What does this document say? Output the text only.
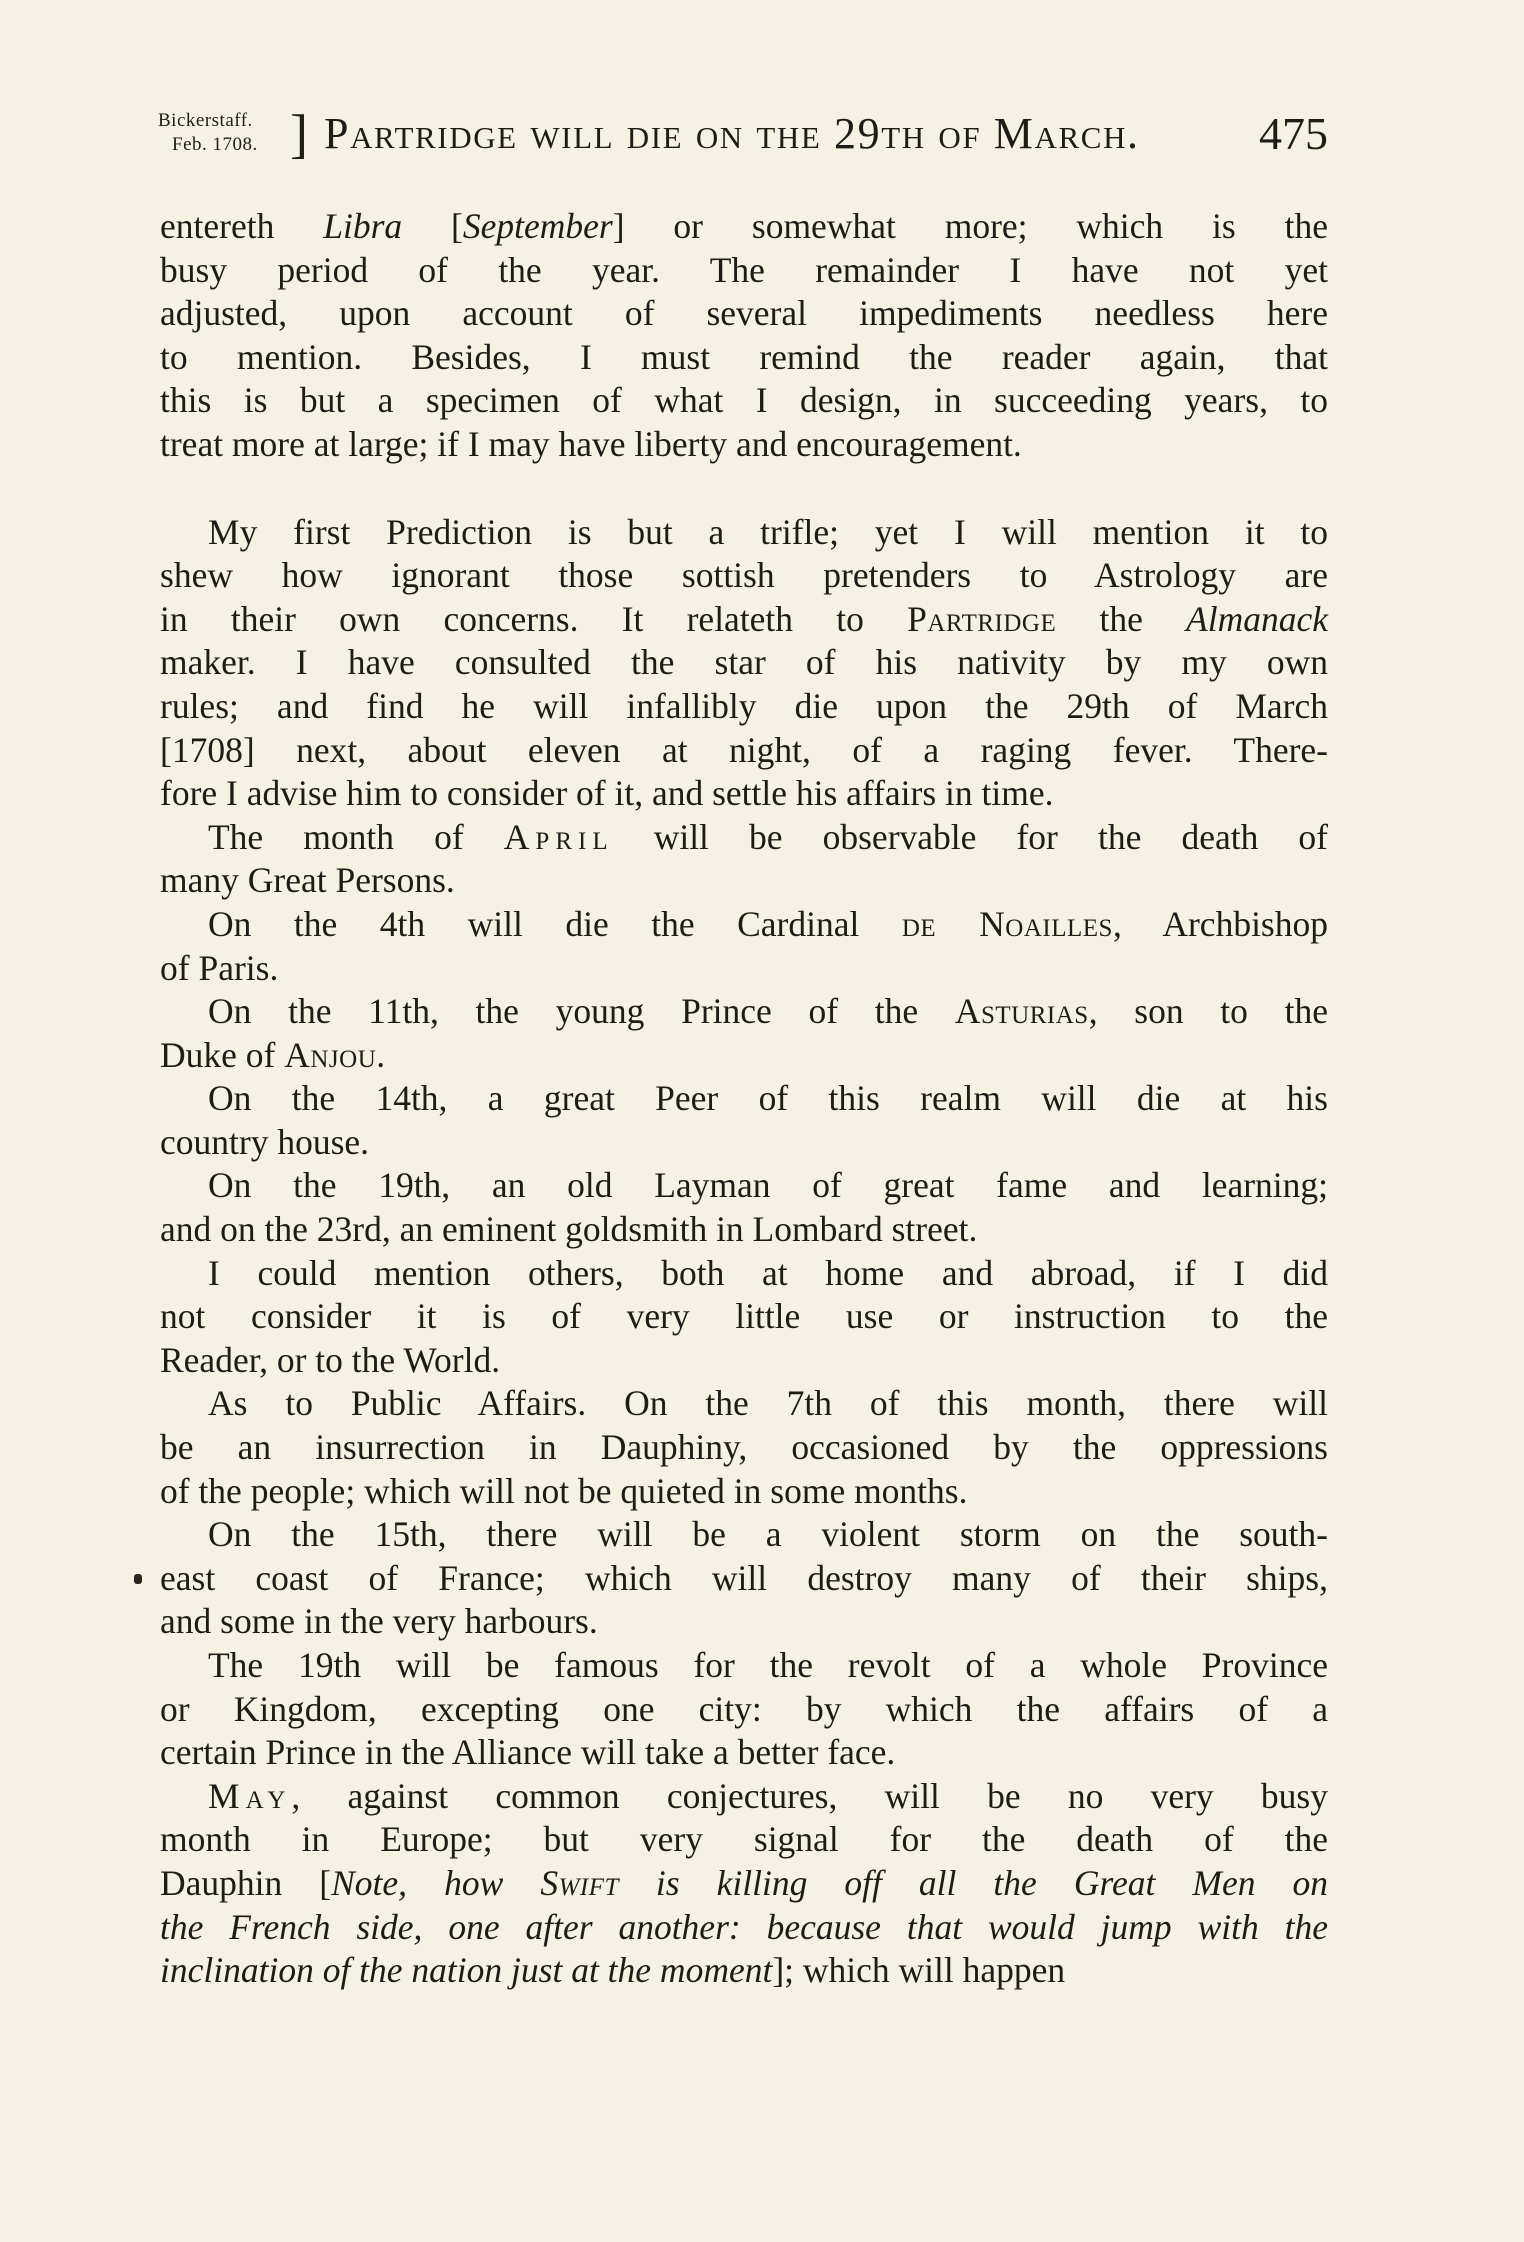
Bickerstaff.
Feb. 1708. ] Partridge will die on the 29th of March.	475

entereth Libra [September] or somewhat more; which is the
busy period of the year. The remainder I have not yet
adjusted, upon account of several impediments needless here
to mention. Besides, I must remind the reader again, that
this is but a specimen of what I design, in succeeding years, to
treat more at large; if I may have liberty and encouragement.

My first Prediction is but a trifle; yet I will mention it to
shew how ignorant those sottish pretenders to Astrology are
in their own concerns. It relateth to Partridge the Almanack
maker. I have consulted the star of his nativity by my own
rules; and find he will infallibly die upon the 29th of March
[1708] next, about eleven at night, of a raging fever. There-
fore I advise him to consider of it, and settle his affairs in time.

The month of April will be observable for the death of
many Great Persons.

On the 4th will die the Cardinal de Noailles, Archbishop
of Paris.

On the 11th, the young Prince of the Asturias, son to the
Duke of Anjou.

On the 14th, a great Peer of this realm will die at his
country house.

On the 19th, an old Layman of great fame and learning;
and on the 23rd, an eminent goldsmith in Lombard street.

I could mention others, both at home and abroad, if I did
not consider it is of very little use or instruction to the
Reader, or to the World.

As to Public Affairs. On the 7th of this month, there will
be an insurrection in Dauphiny, occasioned by the oppressions
of the people; which will not be quieted in some months.

On the 15th, there will be a violent storm on the south-
east coast of France; which will destroy many of their ships,
and some in the very harbours.

The 19th will be famous for the revolt of a whole Province
or Kingdom, excepting one city: by which the affairs of a
certain Prince in the Alliance will take a better face.

May, against common conjectures, will be no very busy
month in Europe; but very signal for the death of the
Dauphin [Note, how Swift is killing off all the Great Men on
the French side, one after another: because that would jump with the
inclination of the nation just at the moment]; which will happen
